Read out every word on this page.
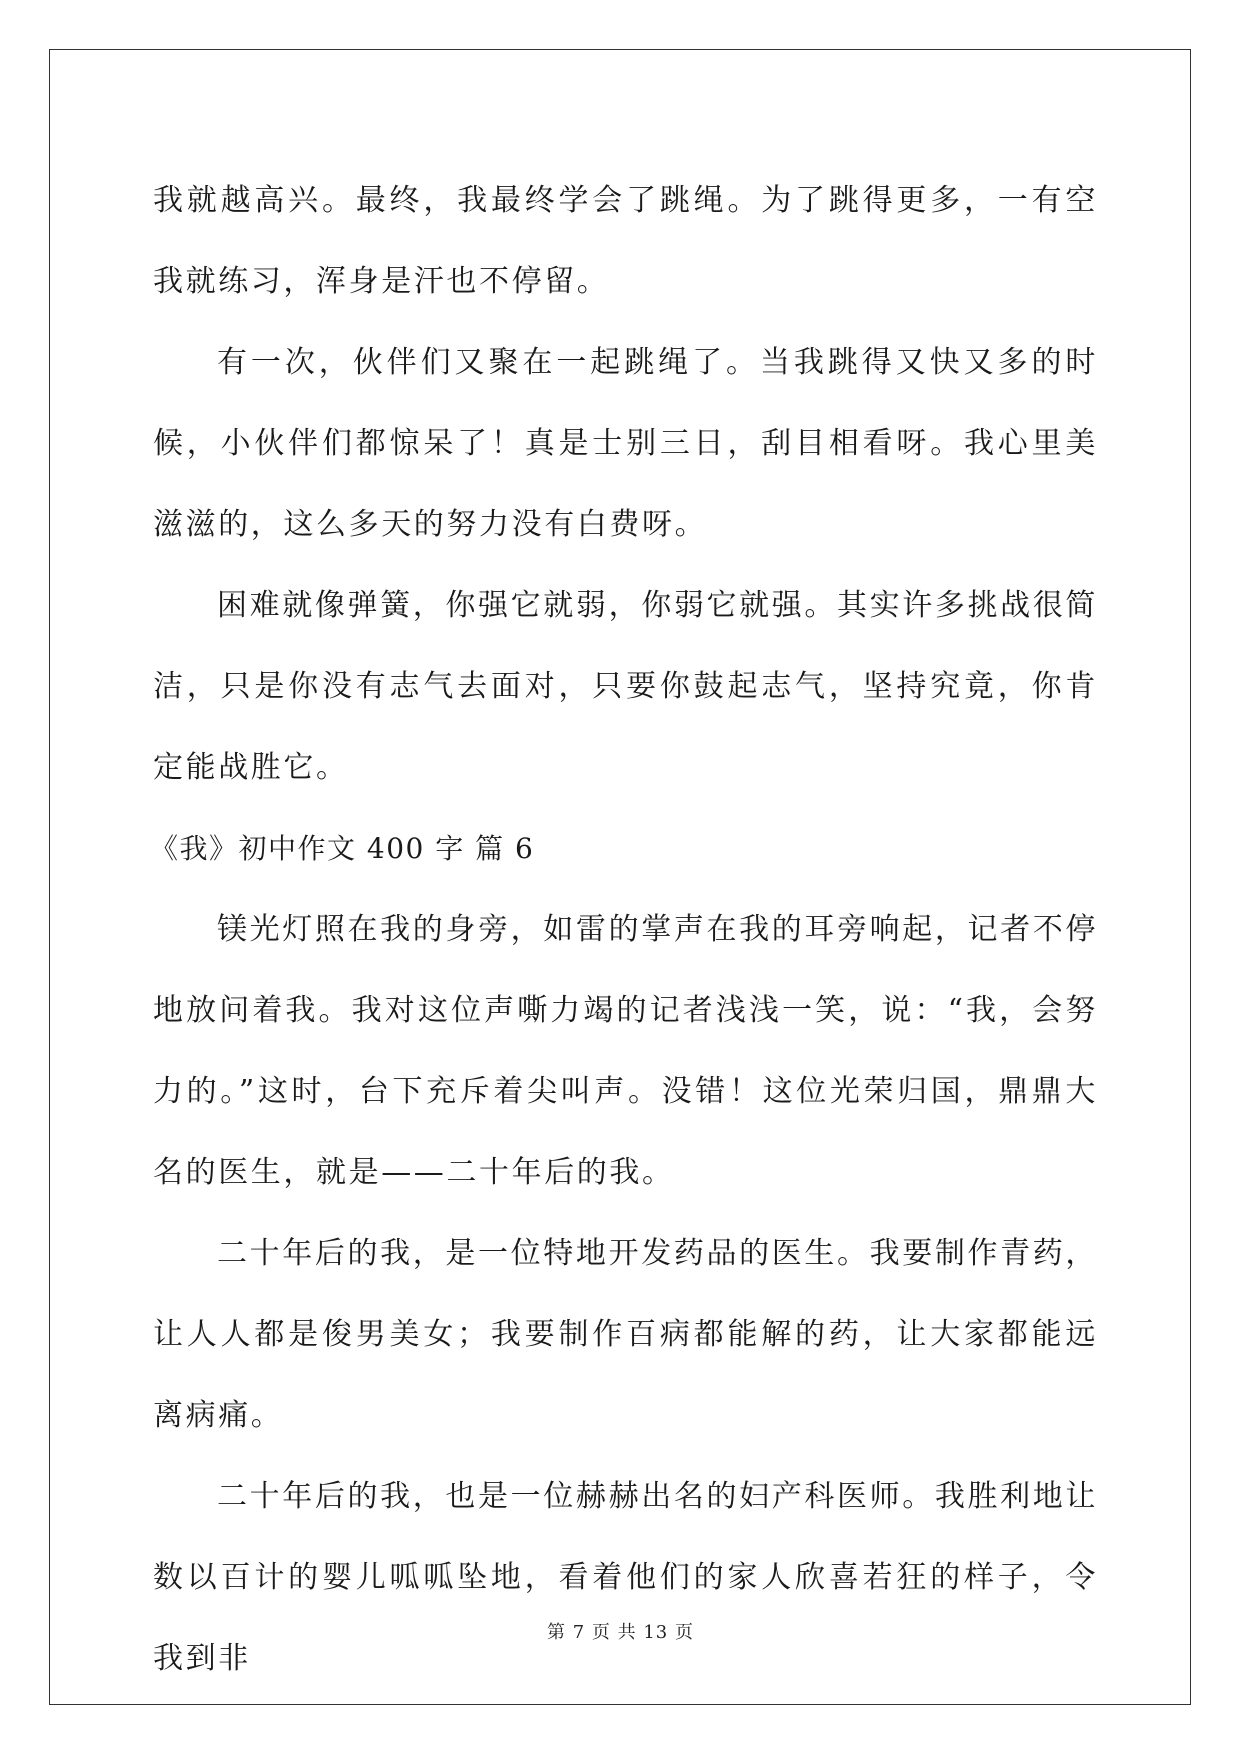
我就越高兴。最终，我最终学会了跳绳。为了跳得更多，一有空我就练习，浑身是汗也不停留。

有一次，伙伴们又聚在一起跳绳了。当我跳得又快又多的时候，小伙伴们都惊呆了！真是士别三日，刮目相看呀。我心里美滋滋的，这么多天的努力没有白费呀。

困难就像弹簧，你强它就弱，你弱它就强。其实许多挑战很简洁，只是你没有志气去面对，只要你鼓起志气，坚持究竟，你肯定能战胜它。

《我》初中作文 400 字 篇 6

镁光灯照在我的身旁，如雷的掌声在我的耳旁响起，记者不停地放问着我。我对这位声嘶力竭的记者浅浅一笑，说：“我，会努力的。”这时，台下充斥着尖叫声。没错！这位光荣归国，鼎鼎大名的医生，就是——二十年后的我。

二十年后的我，是一位特地开发药品的医生。我要制作青药，让人人都是俊男美女；我要制作百病都能解的药，让大家都能远离病痛。

二十年后的我，也是一位赫赫出名的妇产科医师。我胜利地让数以百计的婴儿呱呱坠地，看着他们的家人欣喜若狂的样子，令我到非

第 7 页 共 13 页
